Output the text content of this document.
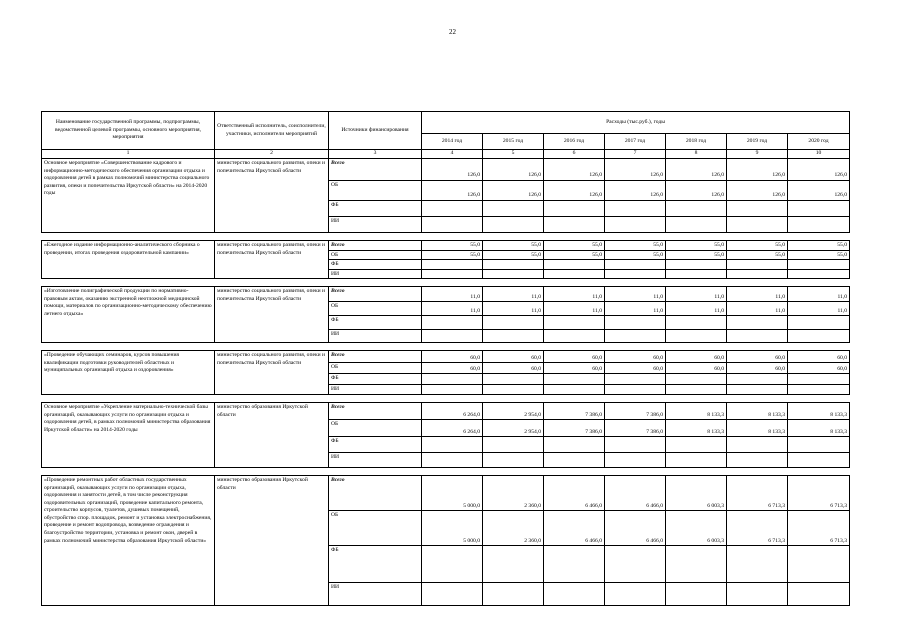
22
Наименование государственной программы, подпрограммы, ведомственной целевой программы, основного мероприятия, мероприятия	Ответственный исполнитель, соисполнители, участники, исполнители мероприятий	Источники финансирования	Расходы (тыс.руб.), годы						
			2014 год	2015 год	2016 год	2017 год	2018 год	2019 год	2020 год
1	2	3	4	5	6	7	8	9	10
Основное мероприятие «Совершенствование кадрового и информационно-методического обеспечения организации отдыха и оздоровления детей в рамках полномочий министерства социального развития, опеки и попечительства Иркутской области» на 2014-2020 годы	министерство социального развития, опеки и попечительства Иркутской области	Всего	126,0	126,0	126,0	126,0	126,0	126,0	126,0
		ОБ	126,0	126,0	126,0	126,0	126,0	126,0	126,0
		ФБ							
		ИИ							

«Ежегодное издание информационно-аналитического сборника о проведении, итогах проведения оздоровительной кампании»	министерство социального развития, опеки и попечительства Иркутской области	Всего	55,0	55,0	55,0	55,0	55,0	55,0	55,0
		ОБ	55,0	55,0	55,0	55,0	55,0	55,0	55,0
		ФБ							
		ИИ							

«Изготовление полиграфической продукции по нормативно-правовым актам, оказанию экстренной неотложной медицинской помощи, материалов по организационно-методическому обеспечению летнего отдыха»	министерство социального развития, опеки и попечительства Иркутской области	Всего	11,0	11,0	11,0	11,0	11,0	11,0	11,0
		ОБ	11,0	11,0	11,0	11,0	11,0	11,0	11,0
		ФБ							
		ИИ							

«Проведение обучающих семинаров, курсов повышения квалификации подготовки руководителей областных и муниципальных организаций отдыха и оздоровления»	министерство социального развития, опеки и попечительства Иркутской области	Всего	60,0	60,0	60,0	60,0	60,0	60,0	60,0
		ОБ	60,0	60,0	60,0	60,0	60,0	60,0	60,0
		ФБ							
		ИИ							

Основное мероприятие «Укрепление материально-технической базы организаций, оказывающих услуги по организации отдыха и оздоровления детей, в рамках полномочий министерства образования Иркутской области» на 2014-2020 годы	министерство образования Иркутской области	Всего	6 264,0	2 954,0	7 386,0	7 386,0	8 133,3	8 133,3	8 133,3
		ОБ	6 264,0	2 954,0	7 386,0	7 386,0	8 133,3	8 133,3	8 133,3
		ФБ							
		ИИ							

«Проведение ремонтных работ областных государственных организаций, оказывающих услуги по организации отдыха, оздоровления и занятости детей, в том числе реконструкция оздоровительных организаций, проведение капитального ремонта, строительство корпусов, туалетов, душевых помещений, обустройство спор. площадок, ремонт и установка электроснабжения, проведение и ремонт водопровода, возведение ограждения и благоустройство территории, установка и ремонт окон, дверей в рамках полномочий министерства образования Иркутской области»	министерство образования Иркутской области	Всего	5 000,0	2 360,0	6 466,0	6 466,0	6 003,3	6 713,3	6 713,3
		ОБ	5 000,0	2 360,0	6 466,0	6 466,0	6 003,3	6 713,3	6 713,3
		ФБ							
		ИИ							
